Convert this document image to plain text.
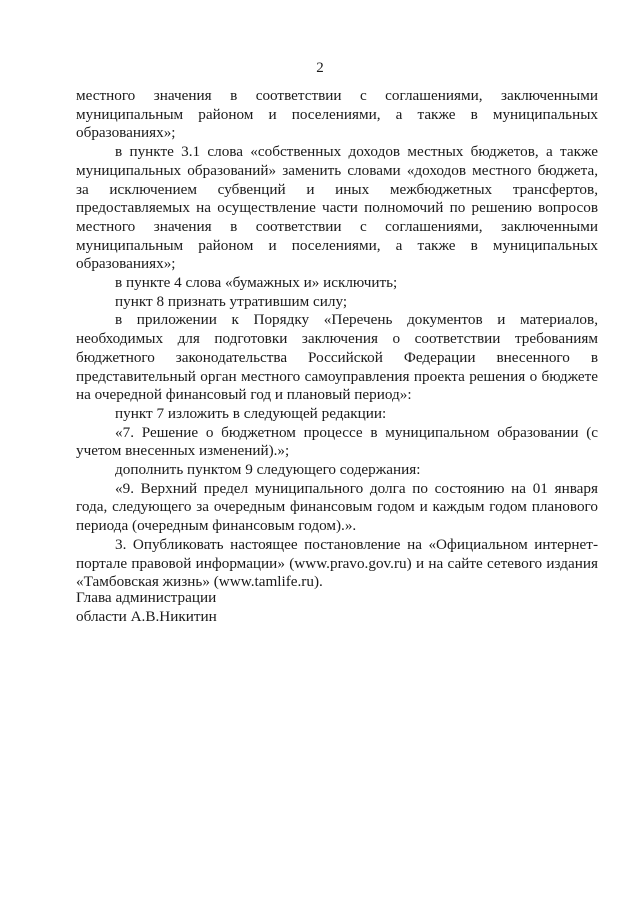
2

местного значения в соответствии с соглашениями, заключенными муниципальным районом и поселениями, а также в муниципальных образованиях»;

в пункте 3.1 слова «собственных доходов местных бюджетов, а также муниципальных образований» заменить словами «доходов местного бюджета, за исключением субвенций и иных межбюджетных трансфертов, предоставляемых на осуществление части полномочий по решению вопросов местного значения в соответствии с соглашениями, заключенными муниципальным районом и поселениями, а также в муниципальных образованиях»;

в пункте 4 слова «бумажных и» исключить;

пункт 8 признать утратившим силу;

в приложении к Порядку «Перечень документов и материалов, необходимых для подготовки заключения о соответствии требованиям бюджетного законодательства Российской Федерации внесенного в представительный орган местного самоуправления проекта решения о бюджете на очередной финансовый год и плановый период»:

пункт 7 изложить в следующей редакции:

«7. Решение о бюджетном процессе в муниципальном образовании (с учетом внесенных изменений).»;

дополнить пунктом 9 следующего содержания:

«9. Верхний предел муниципального долга по состоянию на 01 января года, следующего за очередным финансовым годом и каждым годом планового периода (очередным финансовым годом).».

3. Опубликовать настоящее постановление на «Официальном интернет-портале правовой информации» (www.pravo.gov.ru) и на сайте сетевого издания «Тамбовская жизнь» (www.tamlife.ru).

Глава администрации
области А.В.Никитин
